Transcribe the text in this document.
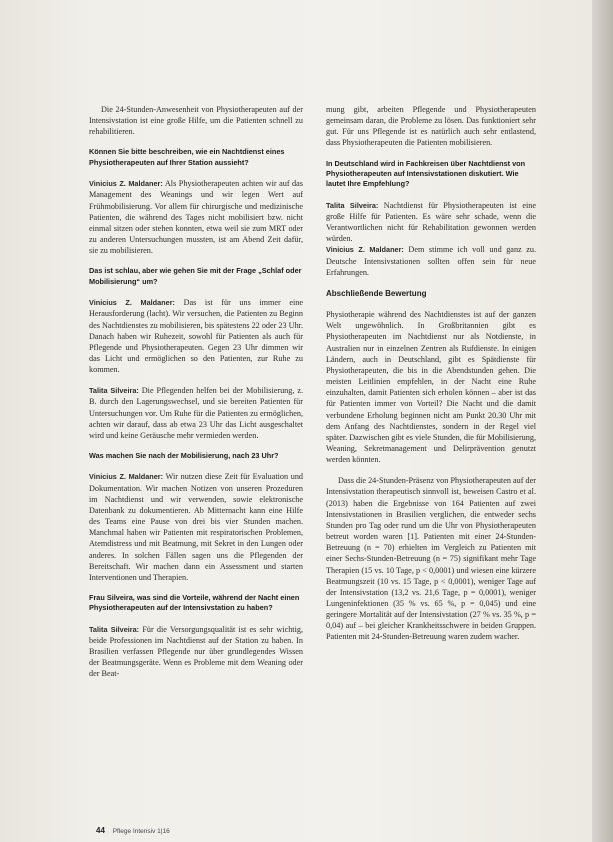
Die 24-Stunden-Anwesenheit von Physiotherapeuten auf der Intensivstation ist eine große Hilfe, um die Patienten schnell zu rehabilitieren.

Können Sie bitte beschreiben, wie ein Nachtdienst eines Physiotherapeuten auf Ihrer Station aussieht?

Vinicius Z. Maldaner: Als Physiotherapeuten achten wir auf das Management des Weanings und wir legen Wert auf Frühmobilisierung. Vor allem für chirurgische und medizinische Patienten, die während des Tages nicht mobilisiert bzw. nicht einmal sitzen oder stehen konnten, etwa weil sie zum MRT oder zu anderen Untersuchungen mussten, ist am Abend Zeit dafür, sie zu mobilisieren.

Das ist schlau, aber wie gehen Sie mit der Frage „Schlaf oder Mobilisierung“ um?

Vinicius Z. Maldaner: Das ist für uns immer eine Herausforderung (lacht). Wir versuchen, die Patienten zu Beginn des Nachtdienstes zu mobilisieren, bis spätestens 22 oder 23 Uhr. Danach haben wir Ruhezeit, sowohl für Patienten als auch für Pflegende und Physiotherapeuten. Gegen 23 Uhr dimmen wir das Licht und ermöglichen so den Patienten, zur Ruhe zu kommen.

Talita Silveira: Die Pflegenden helfen bei der Mobilisierung, z. B. durch den Lagerungswechsel, und sie bereiten Patienten für Untersuchungen vor. Um Ruhe für die Patienten zu ermöglichen, achten wir darauf, dass ab etwa 23 Uhr das Licht ausgeschaltet wird und keine Geräusche mehr vermieden werden.

Was machen Sie nach der Mobilisierung, nach 23 Uhr?

Vinicius Z. Maldaner: Wir nutzen diese Zeit für Evaluation und Dokumentation. Wir machen Notizen von unseren Prozeduren im Nachtdienst und wir verwenden, sowie elektronische Datenbank zu dokumentieren. Ab Mitternacht kann eine Hilfe des Teams eine Pause von drei bis vier Stunden machen. Manchmal haben wir Patienten mit respiratorischen Problemen, Atemdistress und mit Beatmung, mit Sekret in den Lungen oder anderes. In solchen Fällen sagen uns die Pflegenden der Bereitschaft. Wir machen dann ein Assessment und starten Interventionen und Therapien.

Frau Silveira, was sind die Vorteile, während der Nacht einen Physiotherapeuten auf der Intensivstation zu haben?

Talita Silveira: Für die Versorgungsqualität ist es sehr wichtig, beide Professionen im Nachtdienst auf der Station zu haben. In Brasilien verfassen Pflegende nur über grundlegendes Wissen der Beatmungsgeräte. Wenn es Probleme mit dem Weaning oder der Beat-

mung gibt, arbeiten Pflegende und Physiotherapeuten gemeinsam daran, die Probleme zu lösen. Das funktioniert sehr gut. Für uns Pflegende ist es natürlich auch sehr entlastend, dass Physiotherapeuten die Patienten mobilisieren.

In Deutschland wird in Fachkreisen über Nachtdienst von Physiotherapeuten auf Intensivstationen diskutiert. Wie lautet Ihre Empfehlung?

Talita Silveira: Nachtdienst für Physiotherapeuten ist eine große Hilfe für Patienten. Es wäre sehr schade, wenn die Verantwortlichen nicht für Rehabilitation gewonnen werden würden.

Vinicius Z. Maldaner: Dem stimme ich voll und ganz zu. Deutsche Intensivstationen sollten offen sein für neue Erfahrungen.

Abschließende Bewertung

Physiotherapie während des Nachtdienstes ist auf der ganzen Welt ungewöhnlich. In Großbritannien gibt es Physiotherapeuten im Nachtdienst nur als Notdienste, in Australien nur in einzelnen Zentren als Rufdienste. In einigen Ländern, auch in Deutschland, gibt es Spätdienste für Physiotherapeuten, die bis in die Abendstunden gehen. Die meisten Leitlinien empfehlen, in der Nacht eine Ruhe einzuhalten, damit Patienten sich erholen können – aber ist das für Patienten immer von Vorteil? Die Nacht und die damit verbundene Erholung beginnen nicht am Punkt 20.30 Uhr mit dem Anfang des Nachtdienstes, sondern in der Regel viel später. Dazwischen gibt es viele Stunden, die für Mobilisierung, Weaning, Sekretmanagement und Delirprävention genutzt werden könnten.

Dass die 24-Stunden-Präsenz von Physiotherapeuten auf der Intensivstation therapeutisch sinnvoll ist, beweisen Castro et al. (2013) haben die Ergebnisse von 164 Patienten auf zwei Intensivstationen in Brasilien verglichen, die entweder sechs Stunden pro Tag oder rund um die Uhr von Physiotherapeuten betreut worden waren [1]. Patienten mit einer 24-Stunden-Betreuung (n = 70) erhielten im Vergleich zu Patienten mit einer Sechs-Stunden-Betreuung (n = 75) signifikant mehr Tage Therapien (15 vs. 10 Tage, p < 0,0001) und wiesen eine kürzere Beatmungszeit (10 vs. 15 Tage, p < 0,0001), weniger Tage auf der Intensivstation (13,2 vs. 21,6 Tage, p = 0,0001), weniger Lungeninfektionen (35 % vs. 65 %, p = 0,045) und eine geringere Mortalität auf der Intensivstation (27 % vs. 35 %, p = 0,04) auf – bei gleicher Krankheitsschwere in beiden Gruppen. Patienten mit 24-Stunden-Betreuung waren zudem wacher.

44 Pflege Intensiv 1|16
